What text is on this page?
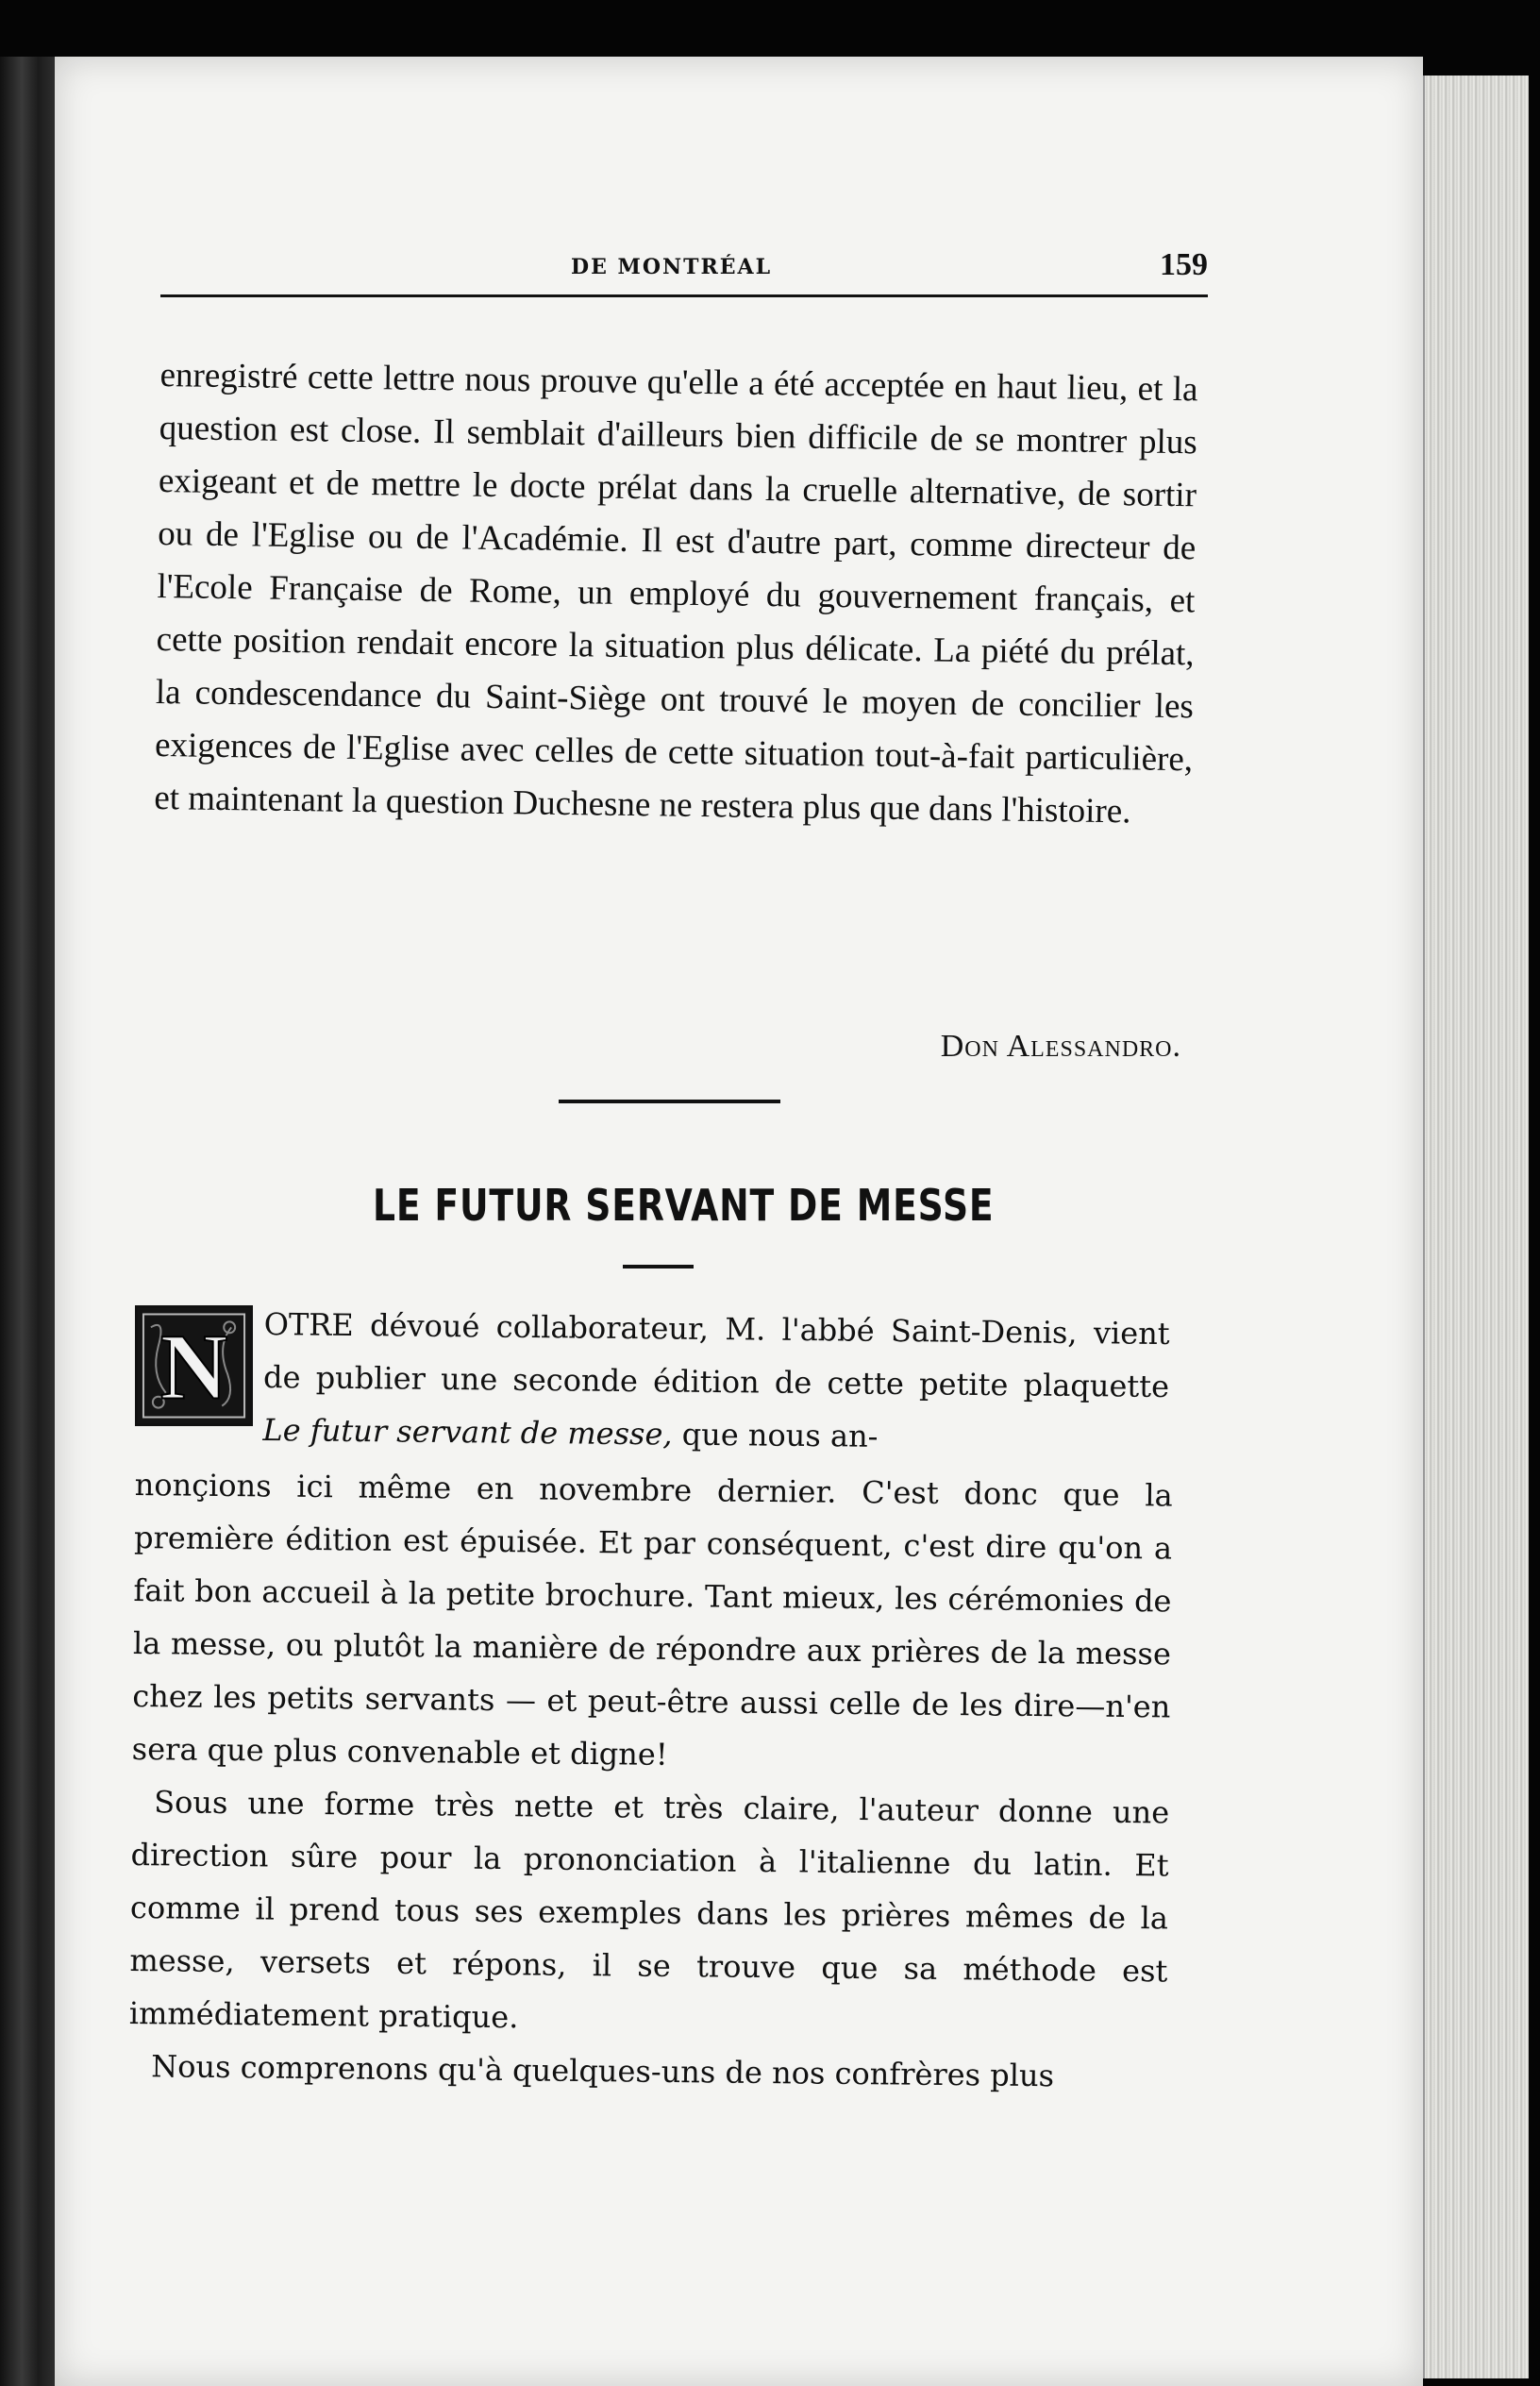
DE MONTRÉAL	159
enregistré cette lettre nous prouve qu'elle a été acceptée en haut lieu, et la question est close. Il semblait d'ailleurs bien difficile de se montrer plus exigeant et de mettre le docte prélat dans la cruelle alternative, de sortir ou de l'Eglise ou de l'Académie. Il est d'autre part, comme directeur de l'Ecole Française de Rome, un employé du gouvernement français, et cette position rendait encore la situation plus délicate. La piété du prélat, la condescendance du Saint-Siège ont trouvé le moyen de concilier les exigences de l'Eglise avec celles de cette situation tout-à-fait particulière, et maintenant la question Duchesne ne restera plus que dans l'histoire.
Don Alessandro.
LE FUTUR SERVANT DE MESSE
N OTRE dévoué collaborateur, M. l'abbé Saint-Denis, vient de publier une seconde édition de cette petite plaquette Le futur servant de messe, que nous an-

nonçions ici même en novembre dernier. C'est donc que la première édition est épuisée. Et par conséquent, c'est dire qu'on a fait bon accueil à la petite brochure. Tant mieux, les cérémonies de la messe, ou plutôt la manière de répondre aux prières de la messe chez les petits servants — et peut-être aussi celle de les dire—n'en sera que plus convenable et digne!

Sous une forme très nette et très claire, l'auteur donne une direction sûre pour la prononciation à l'italienne du latin. Et comme il prend tous ses exemples dans les prières mêmes de la messe, versets et répons, il se trouve que sa méthode est immédiatement pratique.

Nous comprenons qu'à quelques-uns de nos confrères plus
